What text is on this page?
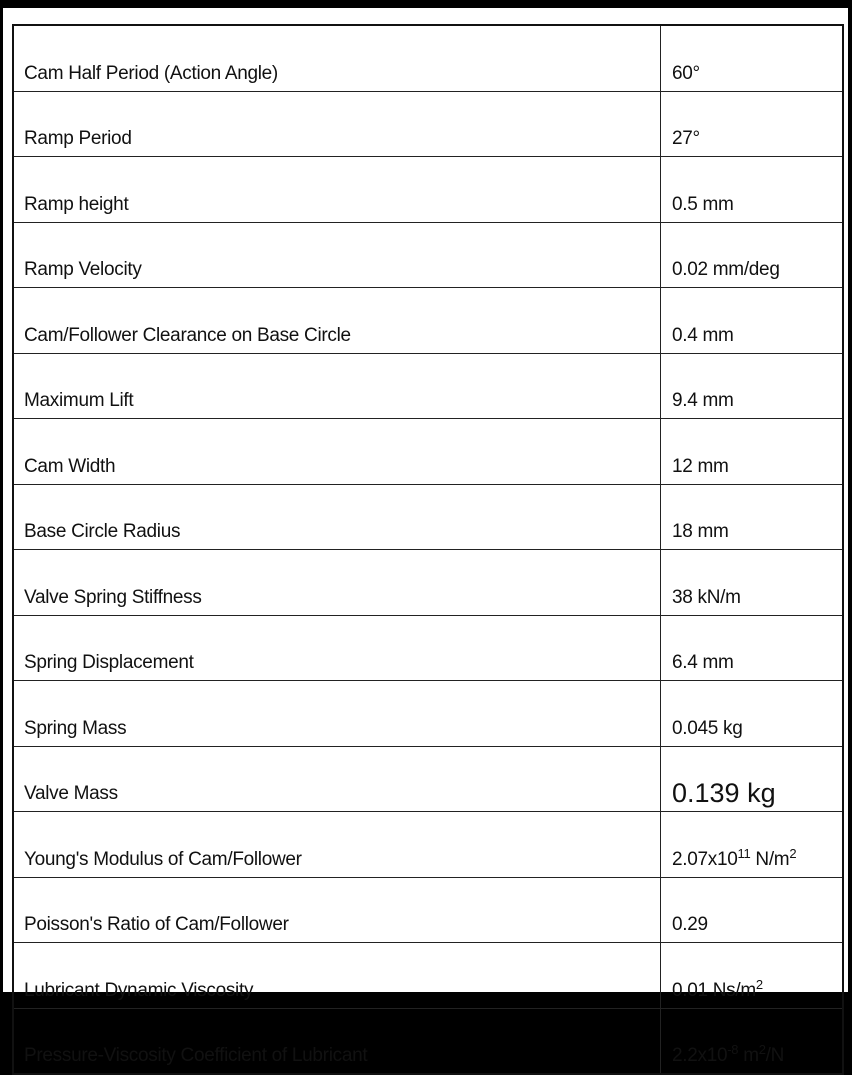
Cam Half Period (Action Angle)	60°
Ramp Period	27°
Ramp height	0.5 mm
Ramp Velocity	0.02 mm/deg
Cam/Follower Clearance on Base Circle	0.4 mm
Maximum Lift	9.4 mm
Cam Width	12 mm
Base Circle Radius	18 mm
Valve Spring Stiffness	38 kN/m
Spring Displacement	6.4 mm
Spring Mass	0.045 kg
Valve Mass	0.139 kg
Young's Modulus of Cam/Follower	$2.07x10^{11}$ $N/m^2$
Poisson's Ratio of Cam/Follower	0.29
Lubricant Dynamic Viscosity	0.01 $Ns/m^2$
Pressure-Viscosity Coefficient of Lubricant	$2.2x10^{-8}$ $m^2/N$
